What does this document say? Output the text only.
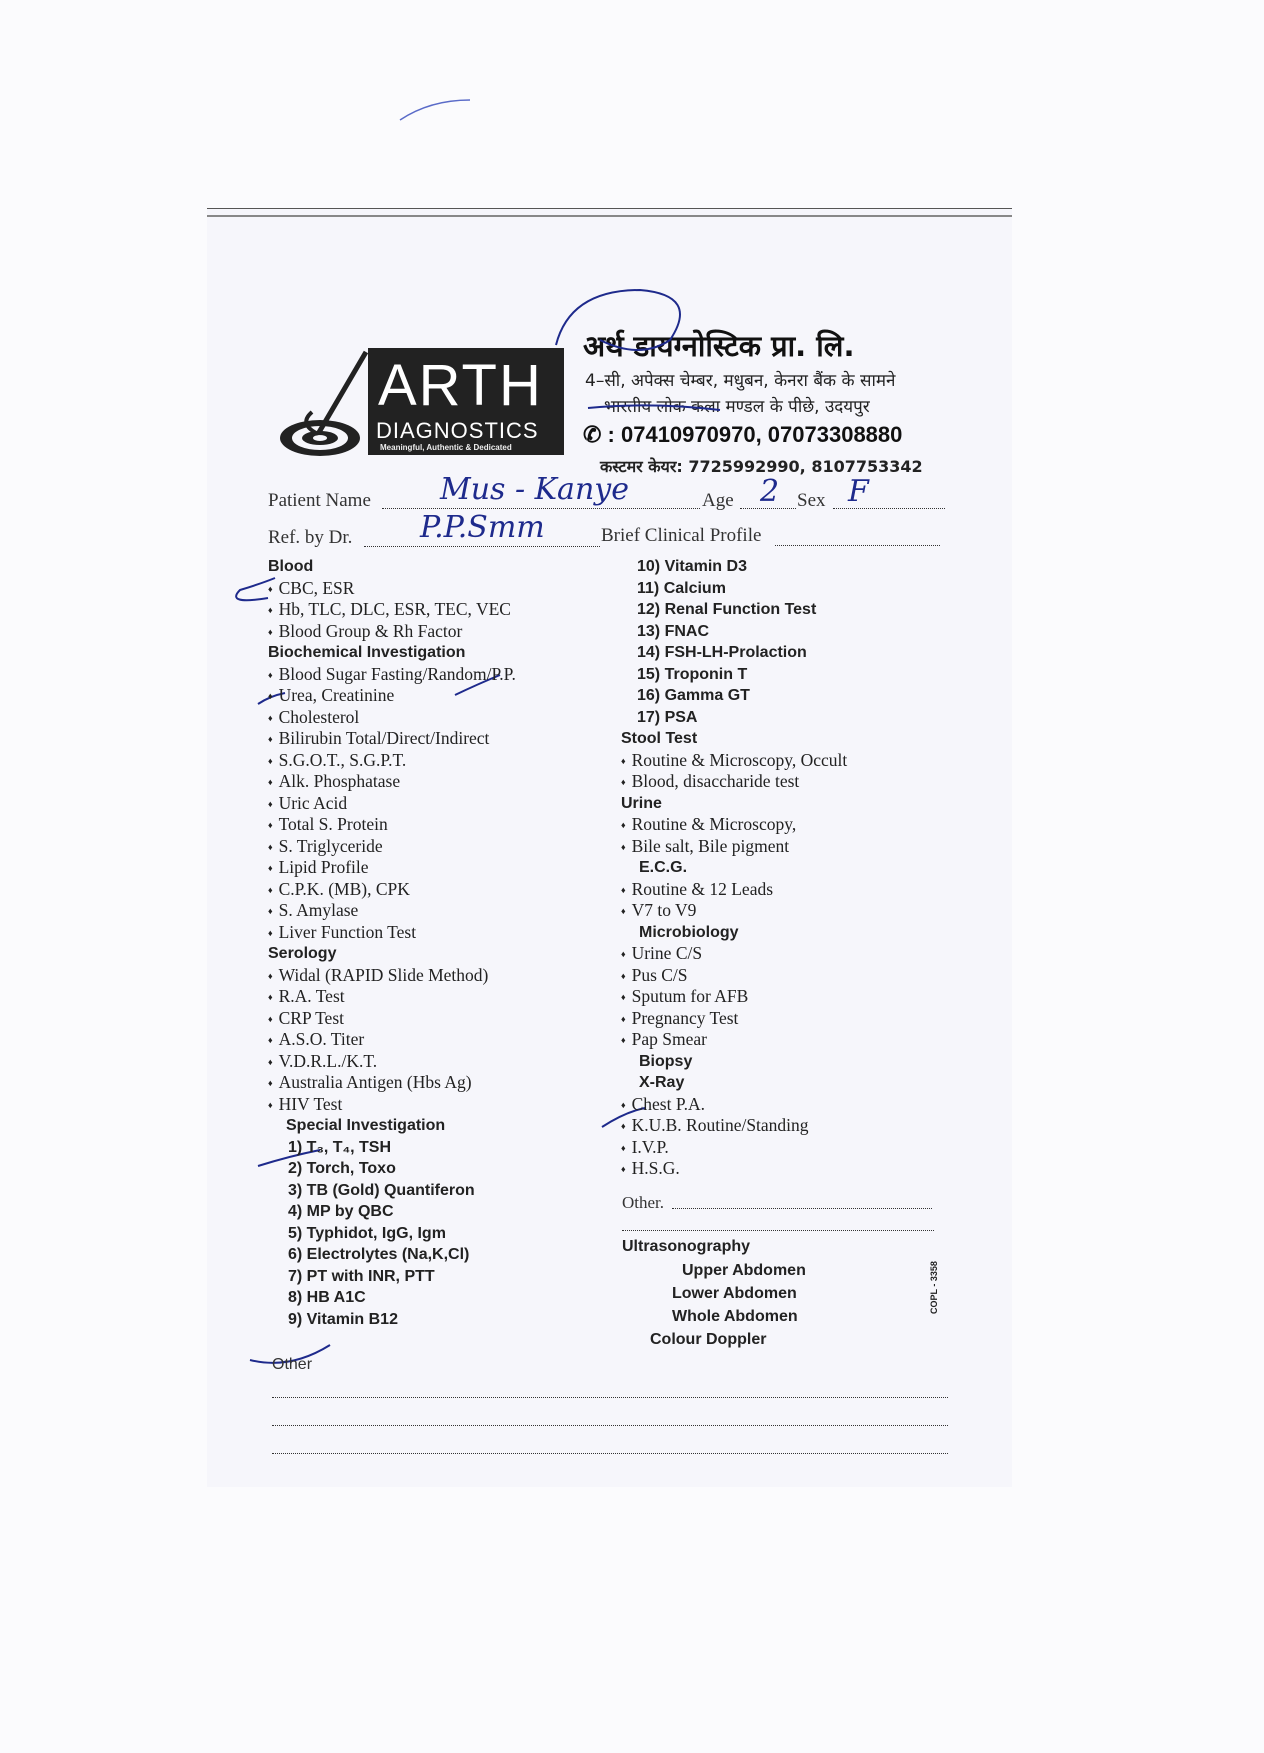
ARTH
DIAGNOSTICS
Meaningful, Authentic & Dedicated
अर्थ डायग्नोस्टिक प्रा. लि.
4–सी, अपेक्स चेम्बर, मधुबन, केनरा बैंक के सामने
भारतीय लोक कला मण्डल के पीछे, उदयपुर
✆ : 07410970970, 07073308880
कस्टमर केयर: 7725992990, 8107753342
Patient Name Mus - Kanye	Age 2 Sex F
Ref. by Dr. P.P.Smm	Brief Clinical Profile
Blood
♦ CBC, ESR
♦ Hb, TLC, DLC, ESR, TEC, VEC
♦ Blood Group & Rh Factor
Biochemical Investigation
♦ Blood Sugar Fasting/Random/P.P.
♦ Urea, Creatinine
♦ Cholesterol
♦ Bilirubin Total/Direct/Indirect
♦ S.G.O.T., S.G.P.T.
♦ Alk. Phosphatase
♦ Uric Acid
♦ Total S. Protein
♦ S. Triglyceride
♦ Lipid Profile
♦ C.P.K. (MB), CPK
♦ S. Amylase
♦ Liver Function Test
Serology
♦ Widal (RAPID Slide Method)
♦ R.A. Test
♦ CRP Test
♦ A.S.O. Titer
♦ V.D.R.L./K.T.
♦ Australia Antigen (Hbs Ag)
♦ HIV Test
Special Investigation
1) T₃, T₄, TSH
2) Torch, Toxo
3) TB (Gold) Quantiferon
4) MP by QBC
5) Typhidot, IgG, Igm
6) Electrolytes (Na,K,Cl)
7) PT with INR, PTT
8) HB A1C
9) Vitamin B12
Other
10) Vitamin D3
11) Calcium
12) Renal Function Test
13) FNAC
14) FSH-LH-Prolaction
15) Troponin T
16) Gamma GT
17) PSA
Stool Test
♦ Routine & Microscopy, Occult
♦ Blood, disaccharide test
Urine
♦ Routine & Microscopy,
♦ Bile salt, Bile pigment
E.C.G.
♦ Routine & 12 Leads
♦ V7 to V9
Microbiology
♦ Urine C/S
♦ Pus C/S
♦ Sputum for AFB
♦ Pregnancy Test
♦ Pap Smear
Biopsy
X-Ray
♦ Chest P.A.
♦ K.U.B. Routine/Standing
♦ I.V.P.
♦ H.S.G.
Other.
Ultrasonography
Upper Abdomen
Lower Abdomen
Whole Abdomen
Colour Doppler
COPL - 3358
